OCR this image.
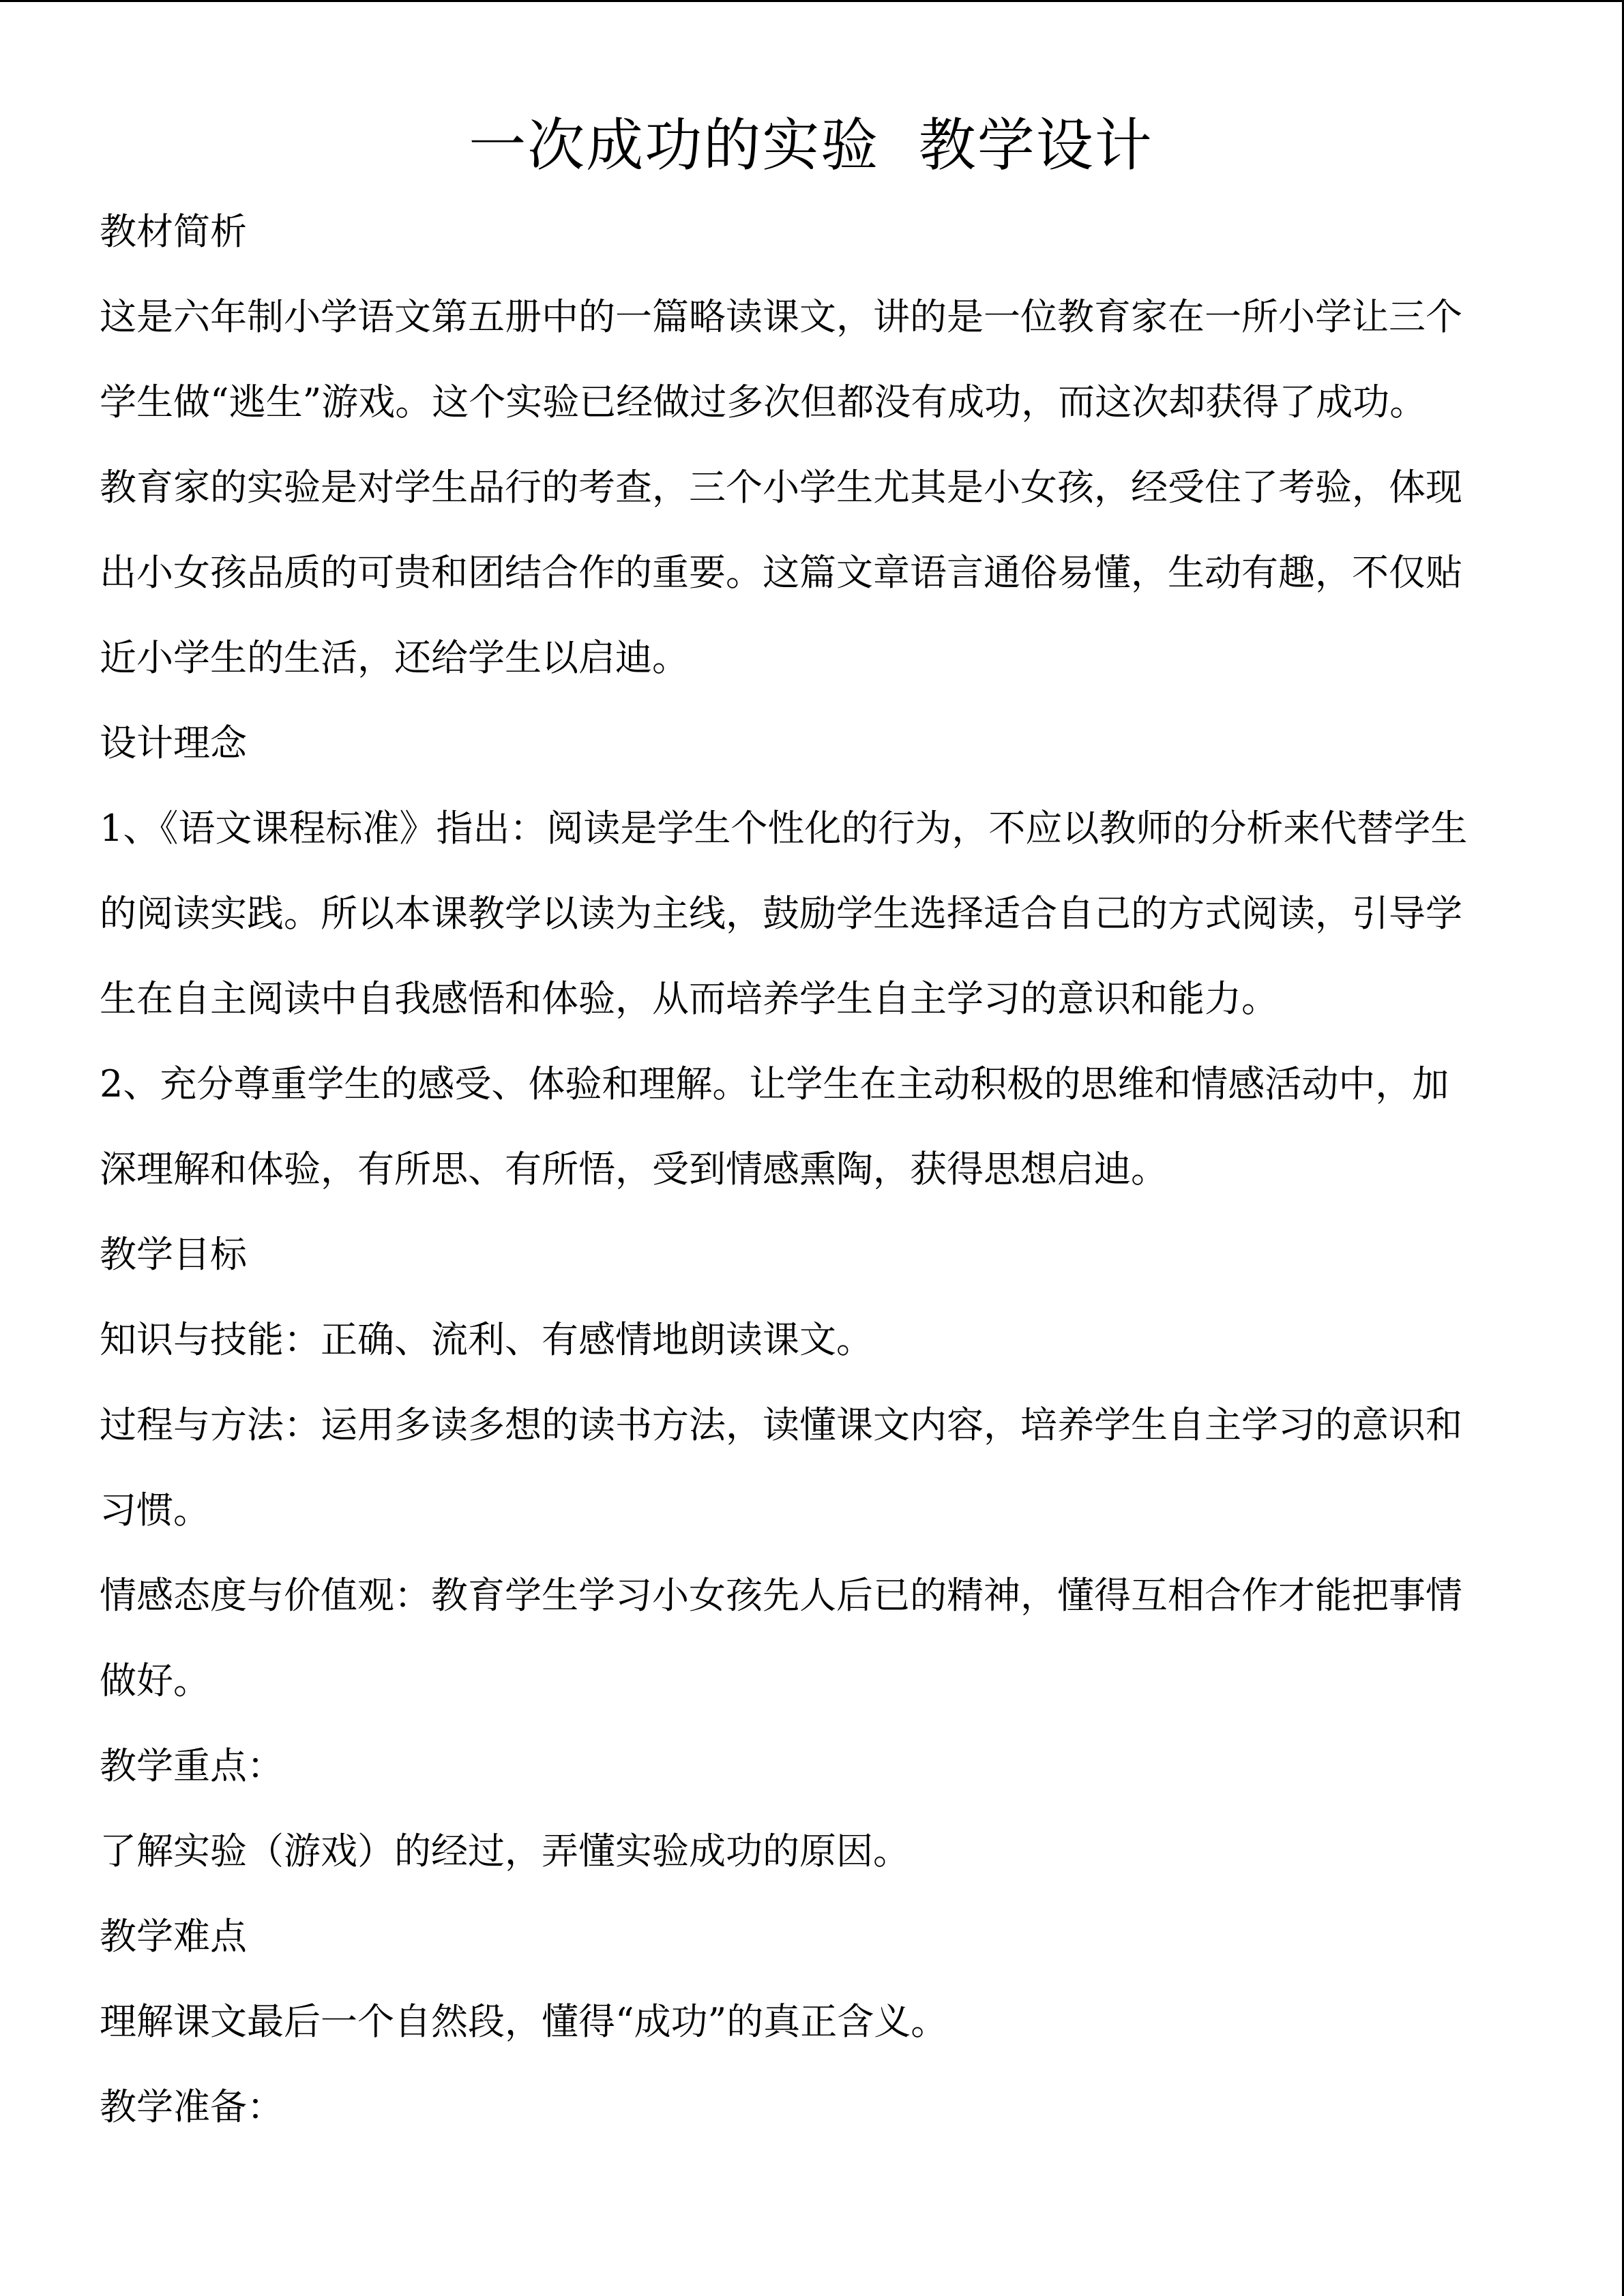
一次成功的实验  教学设计
教材简析
这是六年制小学语文第五册中的一篇略读课文，讲的是一位教育家在一所小学让三个
学生做“逃生”游戏。这个实验已经做过多次但都没有成功，而这次却获得了成功。
教育家的实验是对学生品行的考查，三个小学生尤其是小女孩，经受住了考验，体现
出小女孩品质的可贵和团结合作的重要。这篇文章语言通俗易懂，生动有趣，不仅贴
近小学生的生活，还给学生以启迪。
设计理念
1、《语文课程标准》指出：阅读是学生个性化的行为，不应以教师的分析来代替学生
的阅读实践。所以本课教学以读为主线，鼓励学生选择适合自己的方式阅读，引导学
生在自主阅读中自我感悟和体验，从而培养学生自主学习的意识和能力。
2、充分尊重学生的感受、体验和理解。让学生在主动积极的思维和情感活动中，加
深理解和体验，有所思、有所悟，受到情感熏陶，获得思想启迪。
教学目标
知识与技能：正确、流利、有感情地朗读课文。
过程与方法：运用多读多想的读书方法，读懂课文内容，培养学生自主学习的意识和
习惯。
情感态度与价值观：教育学生学习小女孩先人后已的精神，懂得互相合作才能把事情
做好。
教学重点：
了解实验（游戏）的经过，弄懂实验成功的原因。
教学难点
理解课文最后一个自然段，懂得“成功”的真正含义。
教学准备：
